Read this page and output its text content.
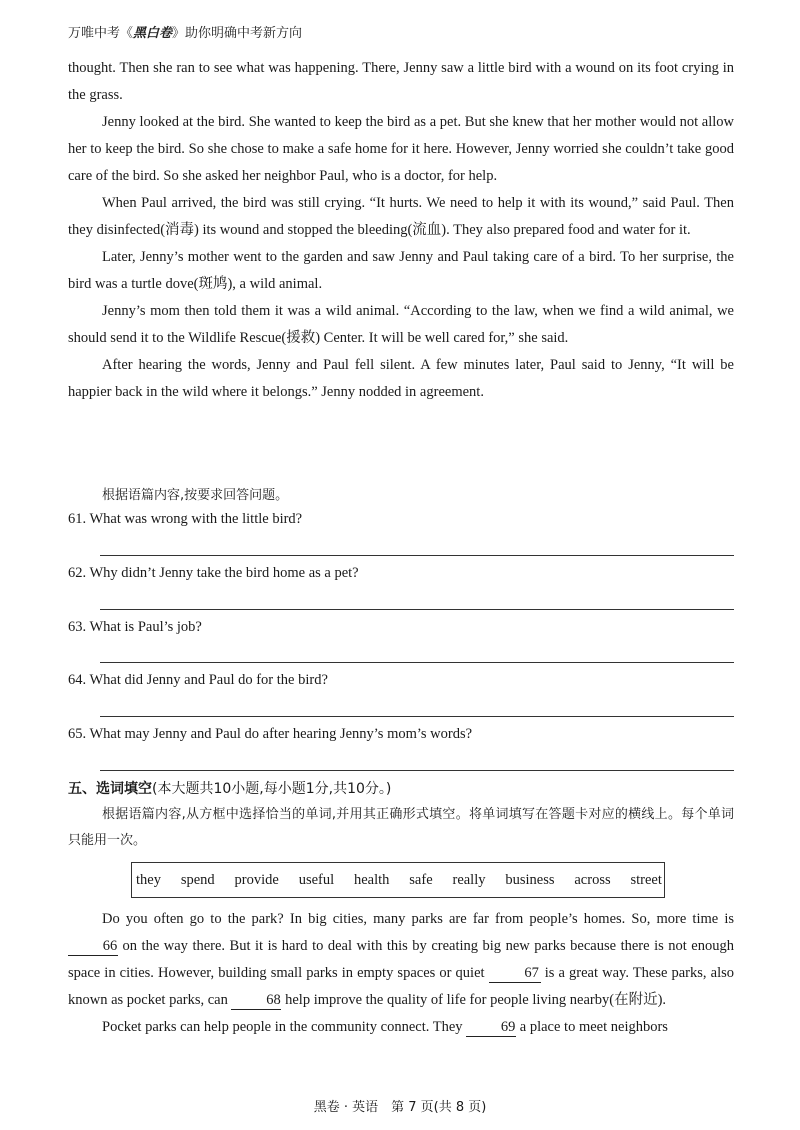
万唯中考《黑白卷》助你明确中考新方向

thought. Then she ran to see what was happening. There, Jenny saw a little bird with a wound on its foot crying in the grass.

Jenny looked at the bird. She wanted to keep the bird as a pet. But she knew that her mother would not allow her to keep the bird. So she chose to make a safe home for it here. However, Jenny worried she couldn’t take good care of the bird. So she asked her neighbor Paul, who is a doctor, for help.

When Paul arrived, the bird was still crying. “It hurts. We need to help it with its wound,” said Paul. Then they disinfected(消毒) its wound and stopped the bleeding(流血). They also prepared food and water for it.

Later, Jenny’s mother went to the garden and saw Jenny and Paul taking care of a bird. To her surprise, the bird was a turtle dove(斑鸠), a wild animal.

Jenny’s mom then told them it was a wild animal. “According to the law, when we find a wild animal, we should send it to the Wildlife Rescue(援救) Center. It will be well cared for,” she said.

After hearing the words, Jenny and Paul fell silent. A few minutes later, Paul said to Jenny, “It will be happier back in the wild where it belongs.” Jenny nodded in agreement.

根据语篇内容,按要求回答问题。
61. What was wrong with the little bird?
62. Why didn’t Jenny take the bird home as a pet?
63. What is Paul’s job?
64. What did Jenny and Paul do for the bird?
65. What may Jenny and Paul do after hearing Jenny’s mom’s words?
五、选词填空(本大题共10小题,每小题1分,共10分。)
根据语篇内容,从方框中选择恰当的单词,并用其正确形式填空。将单词填写在答题卡对应的横线上。每个单词只能用一次。
they spend provide useful health safe really business across street

Do you often go to the park? In big cities, many parks are far from people’s homes. So, more time is 66 on the way there. But it is hard to deal with this by creating big new parks because there is not enough space in cities. However, building small parks in empty spaces or quiet 67 is a great way. These parks, also known as pocket parks, can 68 help improve the quality of life for people living nearby(在附近).

Pocket parks can help people in the community connect. They 69 a place to meet neighbors

黑卷 · 英语　第 7 页(共 8 页)
